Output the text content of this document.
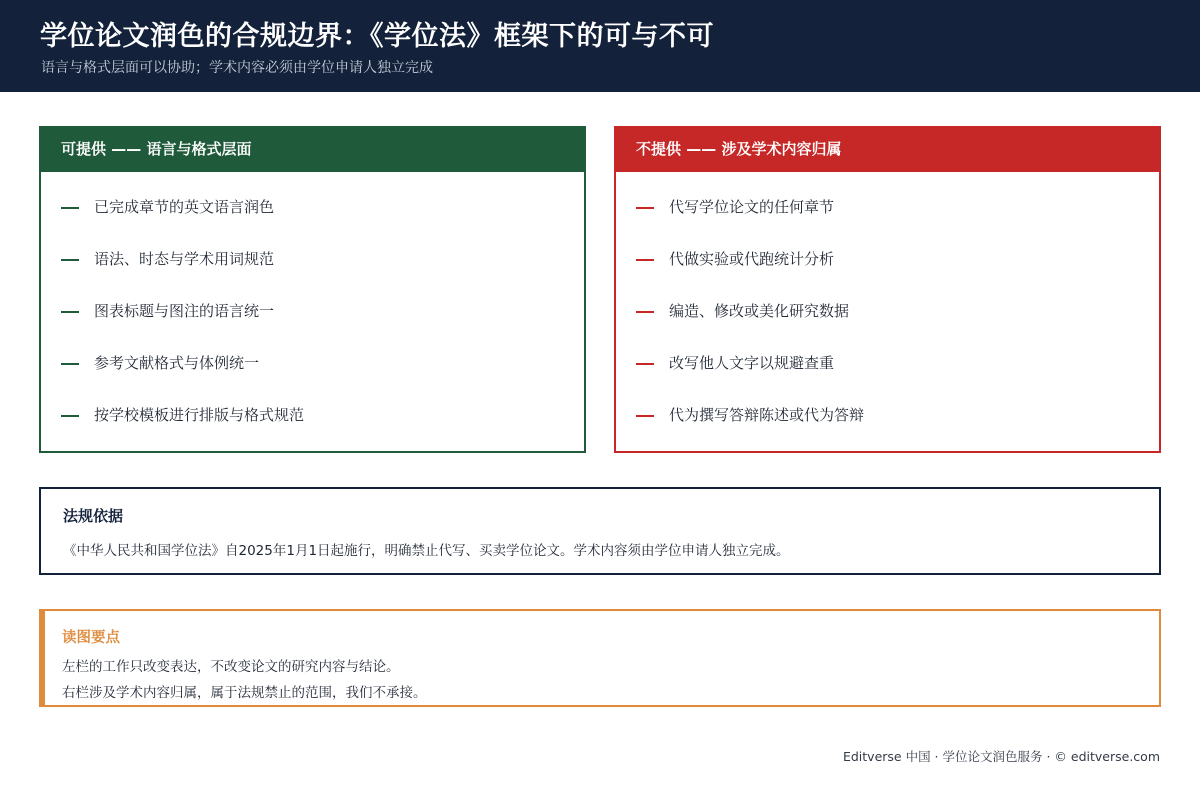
学位论文润色的合规边界：《学位法》框架下的可与不可
语言与格式层面可以协助；学术内容必须由学位申请人独立完成
可提供 —— 语言与格式层面
已完成章节的英文语言润色
语法、时态与学术用词规范
图表标题与图注的语言统一
参考文献格式与体例统一
按学校模板进行排版与格式规范
不提供 —— 涉及学术内容归属
代写学位论文的任何章节
代做实验或代跑统计分析
编造、修改或美化研究数据
改写他人文字以规避查重
代为撰写答辩陈述或代为答辩
法规依据
《中华人民共和国学位法》自2025年1月1日起施行，明确禁止代写、买卖学位论文。学术内容须由学位申请人独立完成。
读图要点
左栏的工作只改变表达，不改变论文的研究内容与结论。
右栏涉及学术内容归属，属于法规禁止的范围，我们不承接。
Editverse 中国 · 学位论文润色服务 · © editverse.com
